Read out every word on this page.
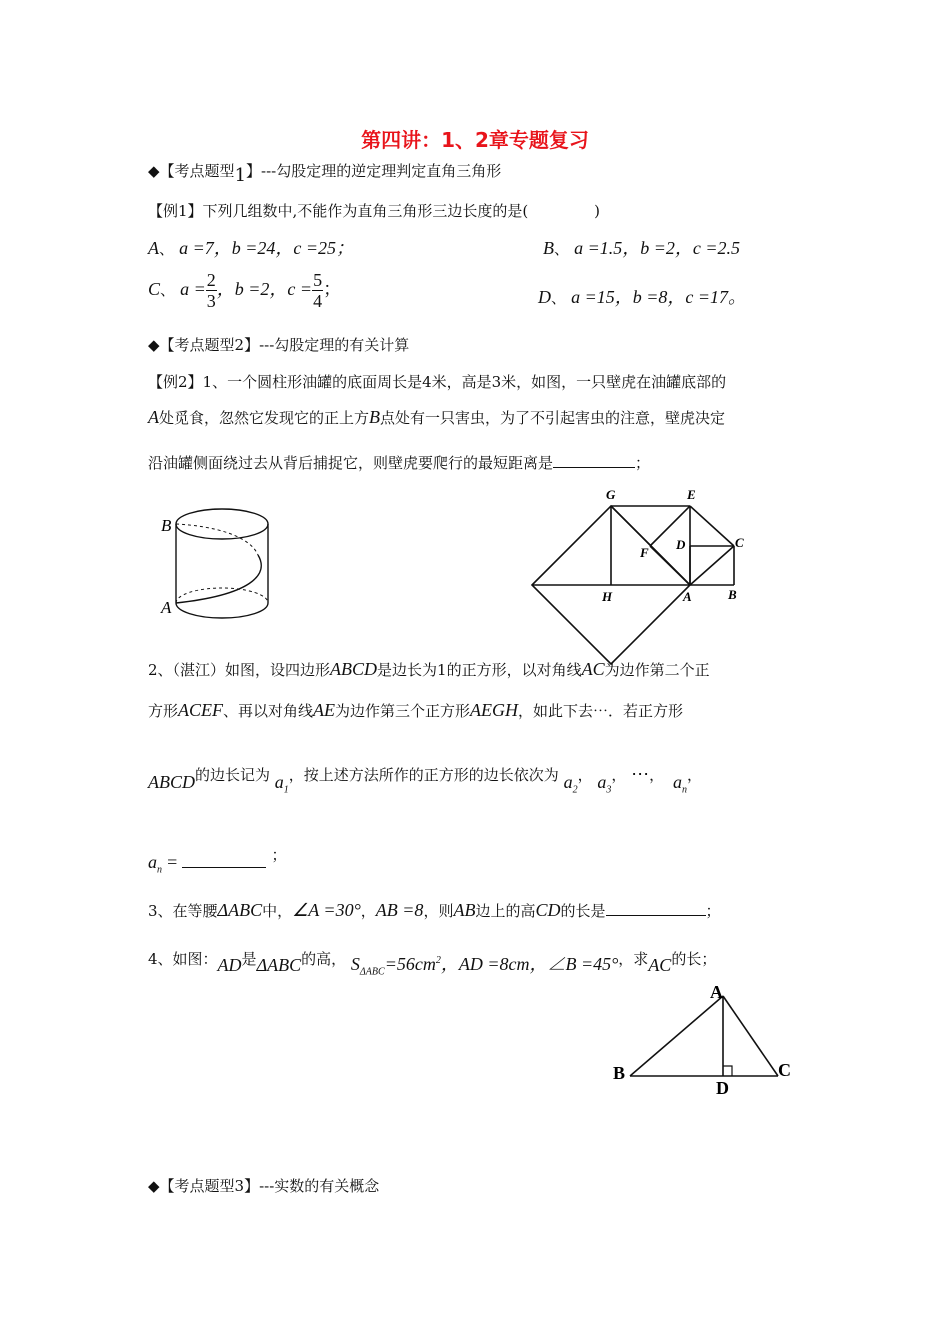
第四讲：1、2章专题复习
◆【考点题型1】---勾股定理的逆定理判定直角三角形
【例1】下列几组数中,不能作为直角三角形三边长度的是(	)
A、 a =7，b =24，c =25；	B、 a =1.5，b =2，c =2.5
C、 $a = \frac{2}{3}$ ，b =2，$c = \frac{5}{4}$ ；	D、 a =15，b =8，c =17。
◆【考点题型2】---勾股定理的有关计算
【例2】1、一个圆柱形油罐的底面周长是4米，高是3米，如图，一只壁虎在油罐底部的
A处觅食，忽然它发现它的正上方B点处有一只害虫，为了不引起害虫的注意，壁虎决定
沿油罐侧面绕过去从背后捕捉它，则壁虎要爬行的最短距离是	；
B
A
G	E
D	C
F
H	A	B
2、（湛江）如图，设四边形ABCD是边长为1的正方形，以对角线AC为边作第二个正
方形ACEF、再以对角线AE为边作第三个正方形AEGH，如此下去⋯．若正方形
ABCD的边长记为 $a_1$，按上述方法所作的正方形的边长依次为 $a_2$， $a_3$， ⋯， $a_n$，
$a_n$ =	；
3、在等腰ΔABC中，∠A =30°，AB =8，则AB边上的高CD的长是	；
4、如图：AD是ΔABC的高， $S_{\Delta ABC}=56cm^2$，AD =8cm，∠B =45°，求AC的长；
A
B	C
D
◆【考点题型3】---实数的有关概念
